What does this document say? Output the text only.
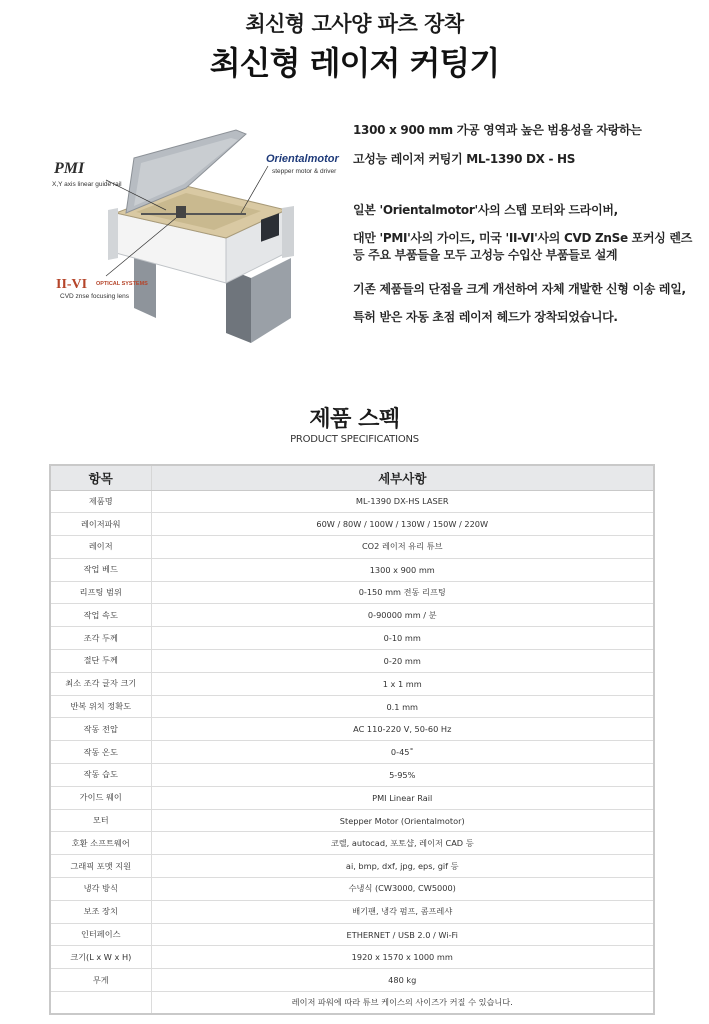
최신형 고사양 파츠 장착
최신형 레이저 커팅기
PMI
X,Y axis linear guide rail
Orientalmotor
stepper motor & driver
II-VI OPTICAL SYSTEMS
CVD znse focusing lens
1300 x 900 mm 가공 영역과 높은 범용성을 자랑하는
고성능 레이저 커팅기 ML-1390 DX - HS
일본 'Orientalmotor'사의 스텝 모터와 드라이버,
대만 'PMI'사의 가이드, 미국 'II-VI'사의 CVD ZnSe 포커싱 렌즈
등 주요 부품들을 모두 고성능 수입산 부품들로 설계
기존 제품들의 단점을 크게 개선하여 자체 개발한 신형 이송 레일,
특허 받은 자동 초점 레이저 헤드가 장착되었습니다.
제품 스펙
PRODUCT SPECIFICATIONS
항목	세부사항
제품명	ML-1390 DX-HS LASER
레이저파워	60W / 80W / 100W / 130W / 150W / 220W
레이저	CO2 레이저 유리 튜브
작업 베드	1300 x 900 mm
리프팅 범위	0-150 mm 전동 리프팅
작업 속도	0-90000 mm / 분
조각 두께	0-10 mm
절단 두께	0-20 mm
최소 조각 글자 크기	1 x 1 mm
반복 위치 정확도	0.1 mm
작동 전압	AC 110-220 V, 50-60 Hz
작동 온도	0-45˚
작동 습도	5-95%
가이드 웨이	PMI Linear Rail
모터	Stepper Motor (Orientalmotor)
호환 소프트웨어	코렐, autocad, 포토샵, 레이저 CAD 등
그래픽 포맷 지원	ai, bmp, dxf, jpg, eps, gif 등
냉각 방식	수냉식 (CW3000, CW5000)
보조 장치	배기팬, 냉각 펌프, 콤프레샤
인터페이스	ETHERNET / USB 2.0 / Wi-Fi
크기(L x W x H)	1920 x 1570 x 1000 mm
무게	480 kg
	레이저 파워에 따라 튜브 케이스의 사이즈가 커질 수 있습니다.
